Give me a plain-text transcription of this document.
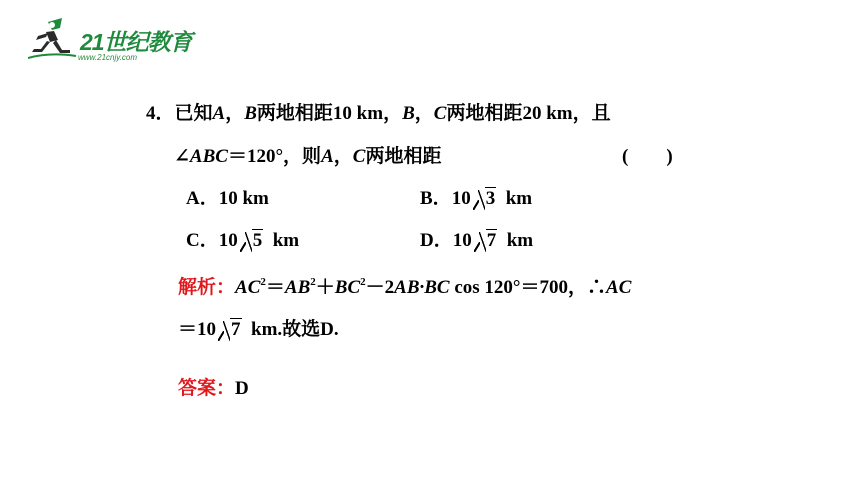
21世纪教育
www.21cnjy.com
4．已知A，B两地相距10 km，B，C两地相距20 km，且
∠ABC＝120°，则A，C两地相距	(　　)
A．10 km	B．10 3 km
C．10 5 km	D．10 7 km
解析：$AC^2=AB^2+BC^2-2AB\cdot BC$ cos 120°＝700，∴AC
＝10 7 km.故选D.
答案：D
